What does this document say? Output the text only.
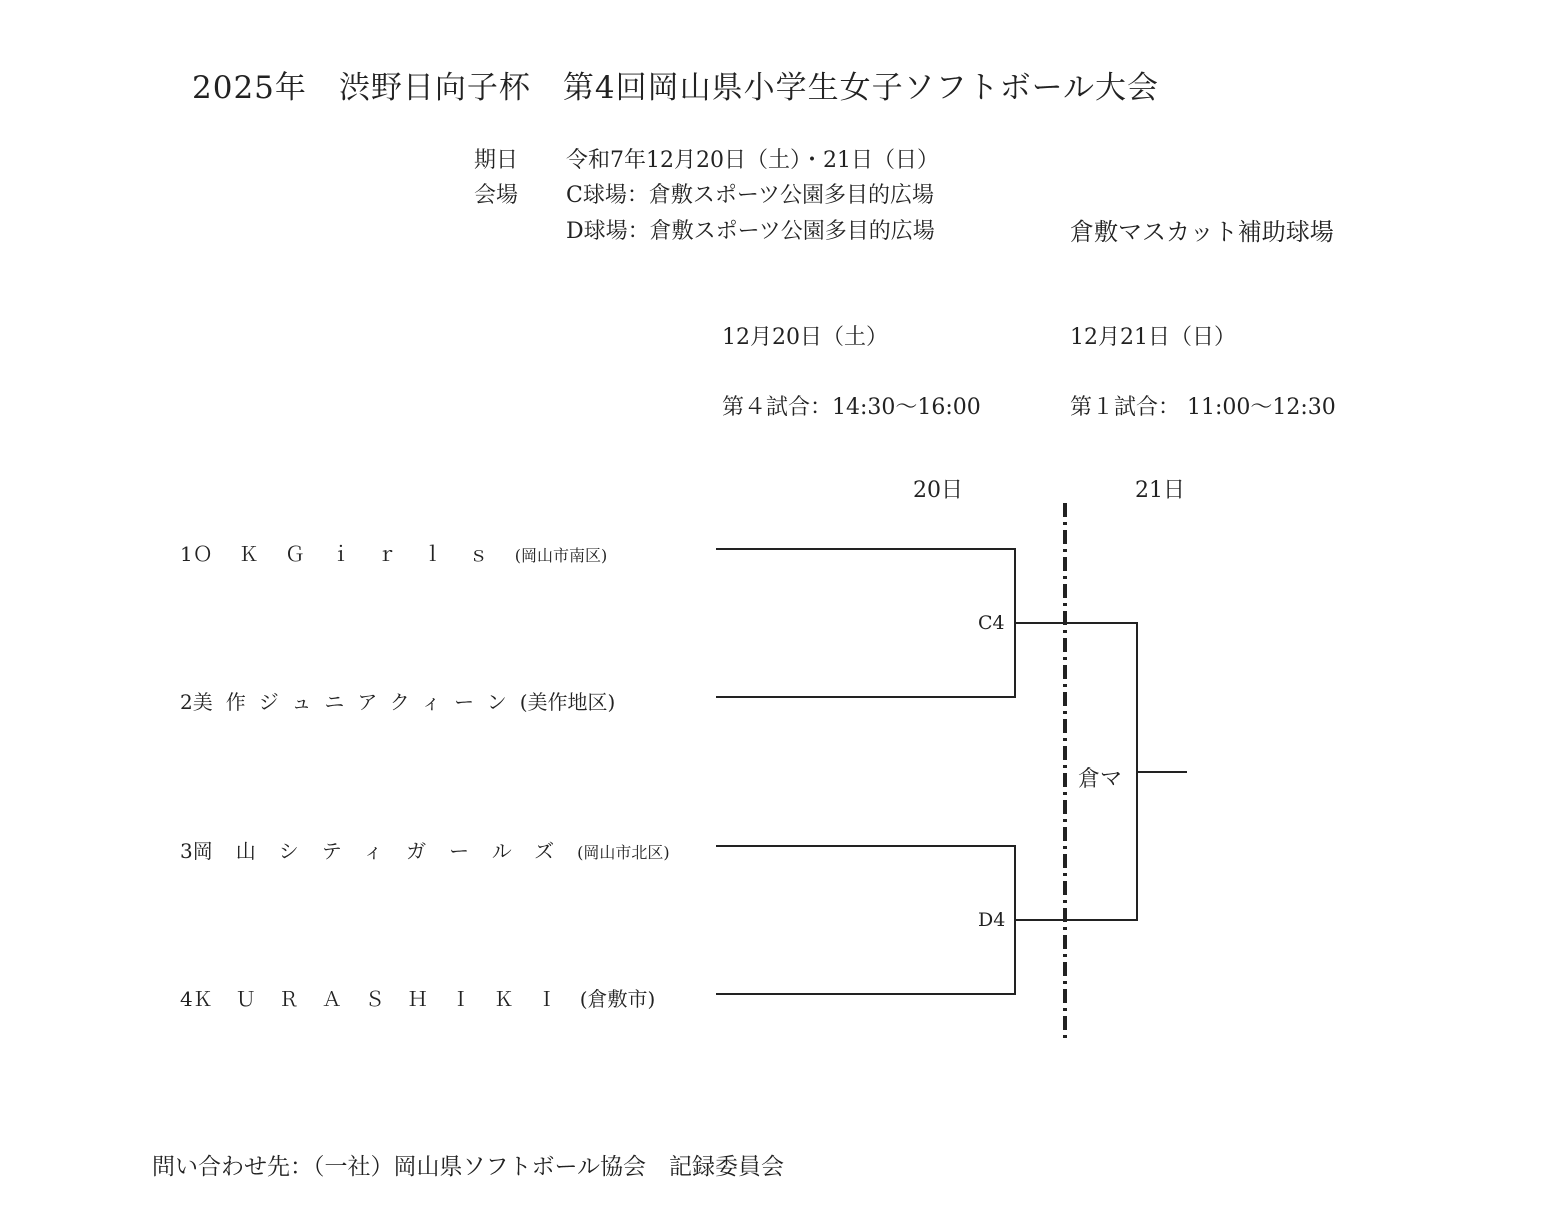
2025年　渋野日向子杯　第4回岡山県小学生女子ソフトボール大会
期日 令和7年12月20日（土）・21日（日）
会場 C球場：倉敷スポーツ公園多目的広場
D球場：倉敷スポーツ公園多目的広場	倉敷マスカット補助球場
12月20日（土）
第４試合：14:30〜16:00
12月21日（日）
第１試合： 11:00〜12:30
20日	21日
1ＯＫＧｉｒｌｓ(岡山市南区)
2美作ジュニアクィーン(美作地区)
3岡山シティガールズ(岡山市北区)
4ＫＵＲＡＳＨＩＫＩ(倉敷市)
C4
D4
倉マ
問い合わせ先：（一社）岡山県ソフトボール協会　記録委員会
